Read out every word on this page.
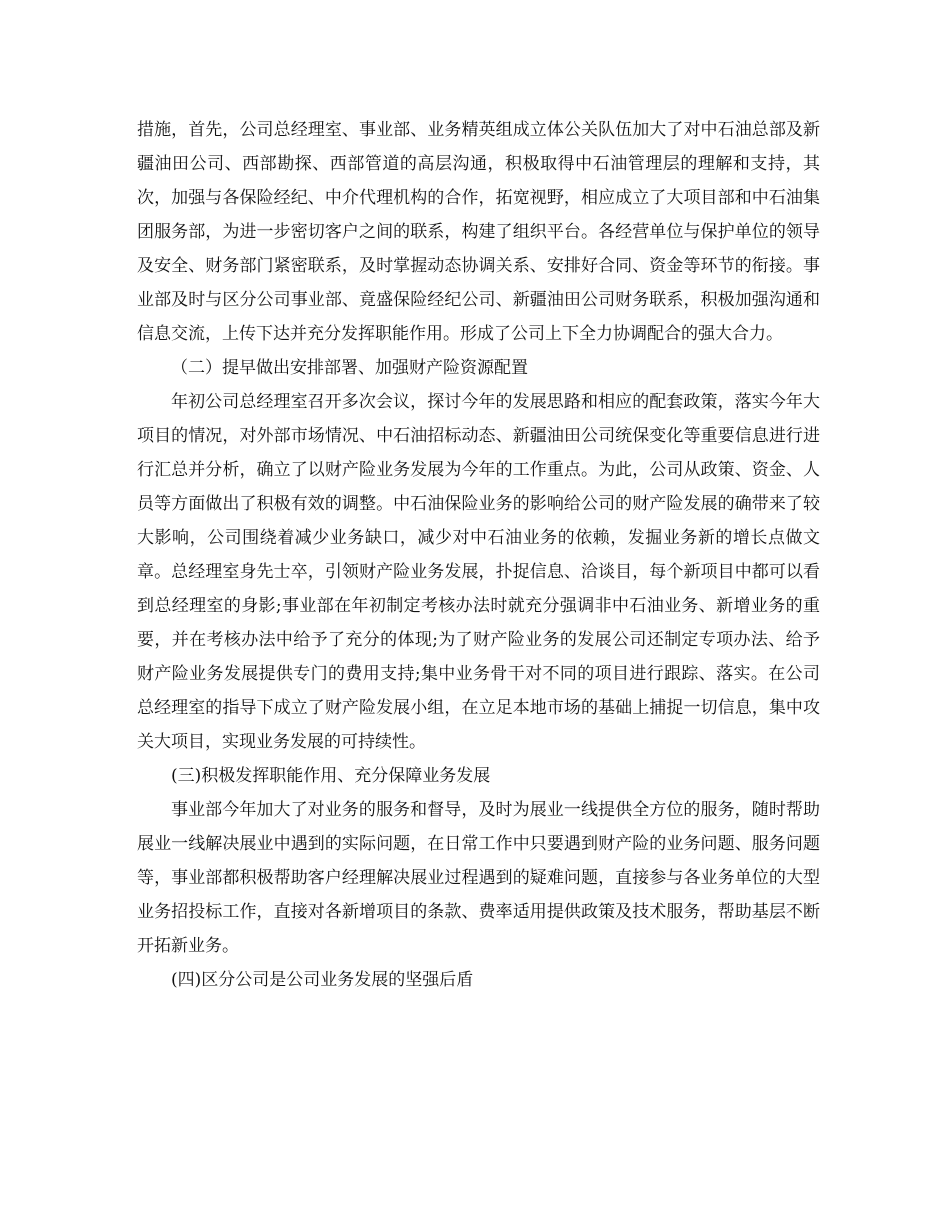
措施，首先，公司总经理室、事业部、业务精英组成立体公关队伍加大了对中石油总部及新疆油田公司、西部勘探、西部管道的高层沟通，积极取得中石油管理层的理解和支持，其次，加强与各保险经纪、中介代理机构的合作，拓宽视野，相应成立了大项目部和中石油集团服务部，为进一步密切客户之间的联系，构建了组织平台。各经营单位与保护单位的领导及安全、财务部门紧密联系，及时掌握动态协调关系、安排好合同、资金等环节的衔接。事业部及时与区分公司事业部、竟盛保险经纪公司、新疆油田公司财务联系，积极加强沟通和信息交流，上传下达并充分发挥职能作用。形成了公司上下全力协调配合的强大合力。

（二）提早做出安排部署、加强财产险资源配置

年初公司总经理室召开多次会议，探讨今年的发展思路和相应的配套政策，落实今年大项目的情况，对外部市场情况、中石油招标动态、新疆油田公司统保变化等重要信息进行进行汇总并分析，确立了以财产险业务发展为今年的工作重点。为此，公司从政策、资金、人员等方面做出了积极有效的调整。中石油保险业务的影响给公司的财产险发展的确带来了较大影响，公司围绕着减少业务缺口，减少对中石油业务的依赖，发掘业务新的增长点做文章。总经理室身先士卒，引领财产险业务发展，扑捉信息、洽谈目，每个新项目中都可以看到总经理室的身影;事业部在年初制定考核办法时就充分强调非中石油业务、新增业务的重要，并在考核办法中给予了充分的体现;为了财产险业务的发展公司还制定专项办法、给予财产险业务发展提供专门的费用支持;集中业务骨干对不同的项目进行跟踪、落实。在公司总经理室的指导下成立了财产险发展小组，在立足本地市场的基础上捕捉一切信息，集中攻关大项目，实现业务发展的可持续性。

(三)积极发挥职能作用、充分保障业务发展

事业部今年加大了对业务的服务和督导，及时为展业一线提供全方位的服务，随时帮助展业一线解决展业中遇到的实际问题，在日常工作中只要遇到财产险的业务问题、服务问题等，事业部都积极帮助客户经理解决展业过程遇到的疑难问题，直接参与各业务单位的大型业务招投标工作，直接对各新增项目的条款、费率适用提供政策及技术服务，帮助基层不断开拓新业务。

(四)区分公司是公司业务发展的坚强后盾
